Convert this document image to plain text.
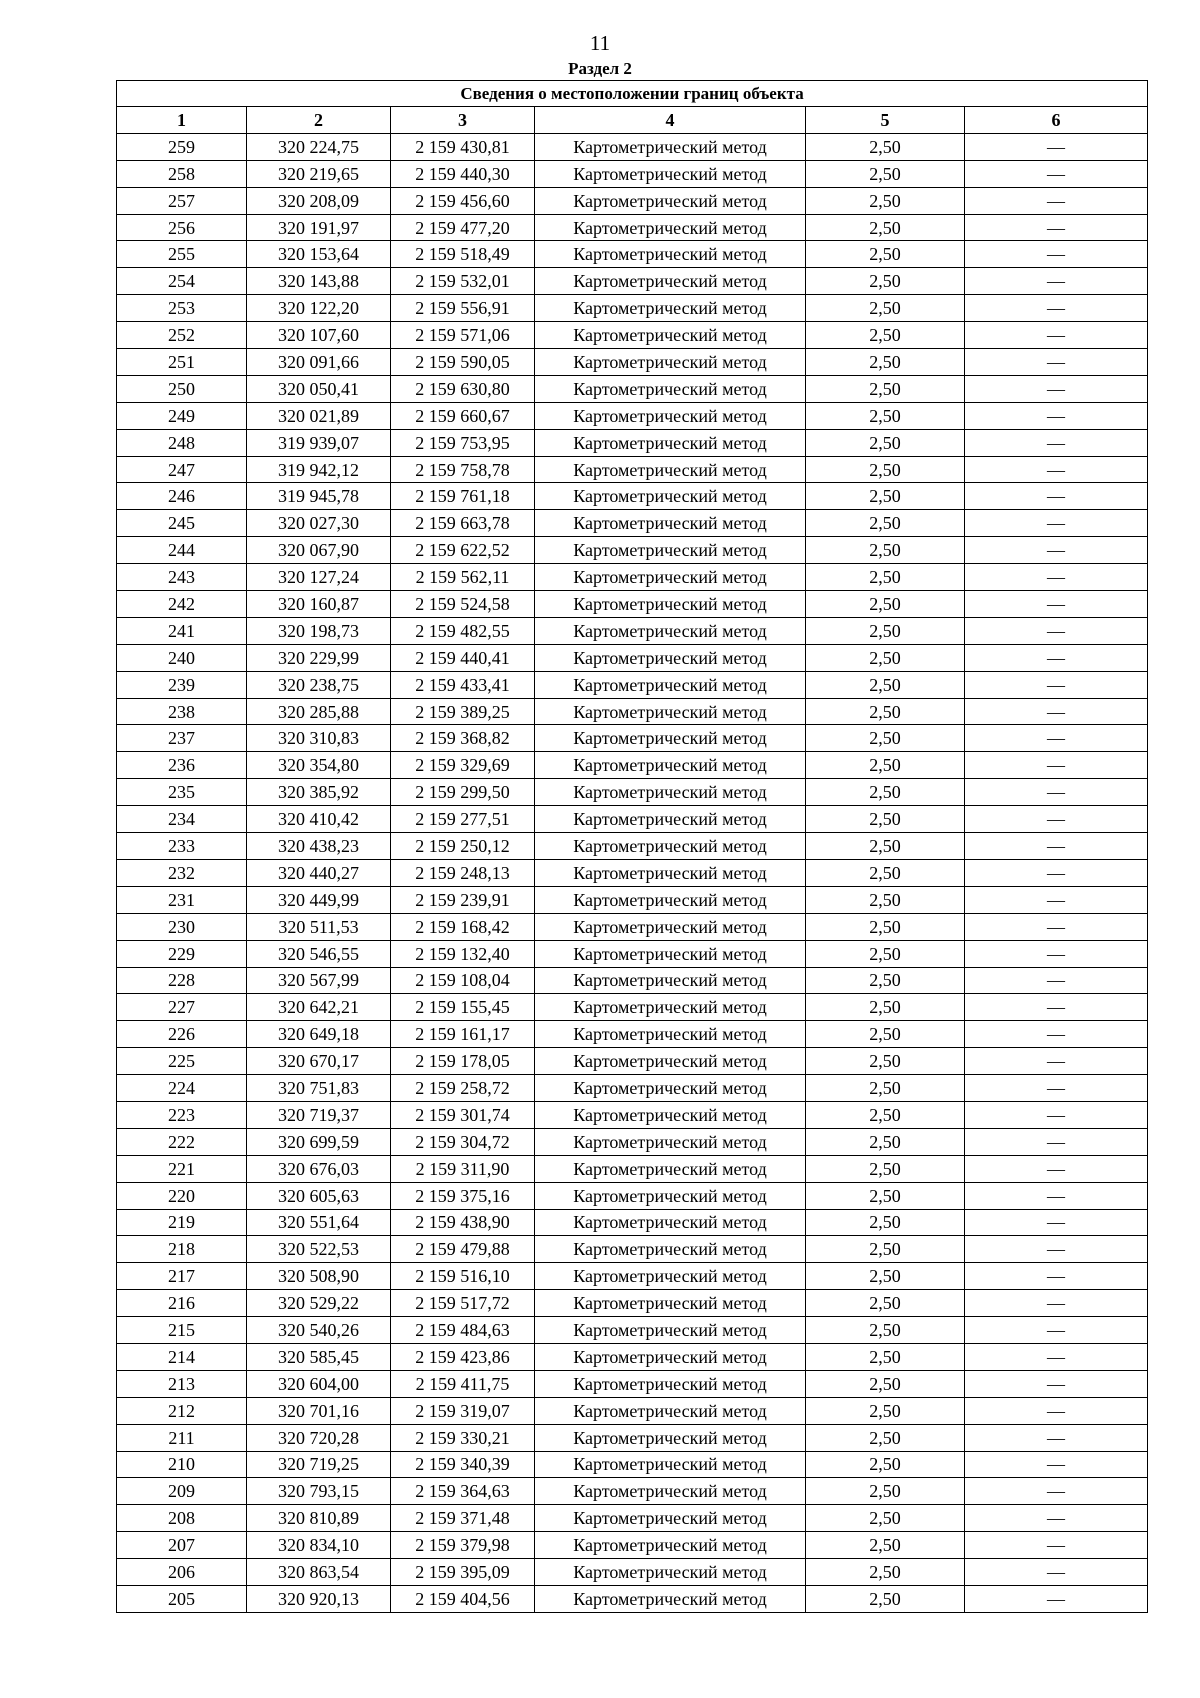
11
Раздел 2
Сведения о местоположении границ объекта					
1	2	3	4	5	6
259	320 224,75	2 159 430,81	Картометрический метод	2,50	—
258	320 219,65	2 159 440,30	Картометрический метод	2,50	—
257	320 208,09	2 159 456,60	Картометрический метод	2,50	—
256	320 191,97	2 159 477,20	Картометрический метод	2,50	—
255	320 153,64	2 159 518,49	Картометрический метод	2,50	—
254	320 143,88	2 159 532,01	Картометрический метод	2,50	—
253	320 122,20	2 159 556,91	Картометрический метод	2,50	—
252	320 107,60	2 159 571,06	Картометрический метод	2,50	—
251	320 091,66	2 159 590,05	Картометрический метод	2,50	—
250	320 050,41	2 159 630,80	Картометрический метод	2,50	—
249	320 021,89	2 159 660,67	Картометрический метод	2,50	—
248	319 939,07	2 159 753,95	Картометрический метод	2,50	—
247	319 942,12	2 159 758,78	Картометрический метод	2,50	—
246	319 945,78	2 159 761,18	Картометрический метод	2,50	—
245	320 027,30	2 159 663,78	Картометрический метод	2,50	—
244	320 067,90	2 159 622,52	Картометрический метод	2,50	—
243	320 127,24	2 159 562,11	Картометрический метод	2,50	—
242	320 160,87	2 159 524,58	Картометрический метод	2,50	—
241	320 198,73	2 159 482,55	Картометрический метод	2,50	—
240	320 229,99	2 159 440,41	Картометрический метод	2,50	—
239	320 238,75	2 159 433,41	Картометрический метод	2,50	—
238	320 285,88	2 159 389,25	Картометрический метод	2,50	—
237	320 310,83	2 159 368,82	Картометрический метод	2,50	—
236	320 354,80	2 159 329,69	Картометрический метод	2,50	—
235	320 385,92	2 159 299,50	Картометрический метод	2,50	—
234	320 410,42	2 159 277,51	Картометрический метод	2,50	—
233	320 438,23	2 159 250,12	Картометрический метод	2,50	—
232	320 440,27	2 159 248,13	Картометрический метод	2,50	—
231	320 449,99	2 159 239,91	Картометрический метод	2,50	—
230	320 511,53	2 159 168,42	Картометрический метод	2,50	—
229	320 546,55	2 159 132,40	Картометрический метод	2,50	—
228	320 567,99	2 159 108,04	Картометрический метод	2,50	—
227	320 642,21	2 159 155,45	Картометрический метод	2,50	—
226	320 649,18	2 159 161,17	Картометрический метод	2,50	—
225	320 670,17	2 159 178,05	Картометрический метод	2,50	—
224	320 751,83	2 159 258,72	Картометрический метод	2,50	—
223	320 719,37	2 159 301,74	Картометрический метод	2,50	—
222	320 699,59	2 159 304,72	Картометрический метод	2,50	—
221	320 676,03	2 159 311,90	Картометрический метод	2,50	—
220	320 605,63	2 159 375,16	Картометрический метод	2,50	—
219	320 551,64	2 159 438,90	Картометрический метод	2,50	—
218	320 522,53	2 159 479,88	Картометрический метод	2,50	—
217	320 508,90	2 159 516,10	Картометрический метод	2,50	—
216	320 529,22	2 159 517,72	Картометрический метод	2,50	—
215	320 540,26	2 159 484,63	Картометрический метод	2,50	—
214	320 585,45	2 159 423,86	Картометрический метод	2,50	—
213	320 604,00	2 159 411,75	Картометрический метод	2,50	—
212	320 701,16	2 159 319,07	Картометрический метод	2,50	—
211	320 720,28	2 159 330,21	Картометрический метод	2,50	—
210	320 719,25	2 159 340,39	Картометрический метод	2,50	—
209	320 793,15	2 159 364,63	Картометрический метод	2,50	—
208	320 810,89	2 159 371,48	Картометрический метод	2,50	—
207	320 834,10	2 159 379,98	Картометрический метод	2,50	—
206	320 863,54	2 159 395,09	Картометрический метод	2,50	—
205	320 920,13	2 159 404,56	Картометрический метод	2,50	—
